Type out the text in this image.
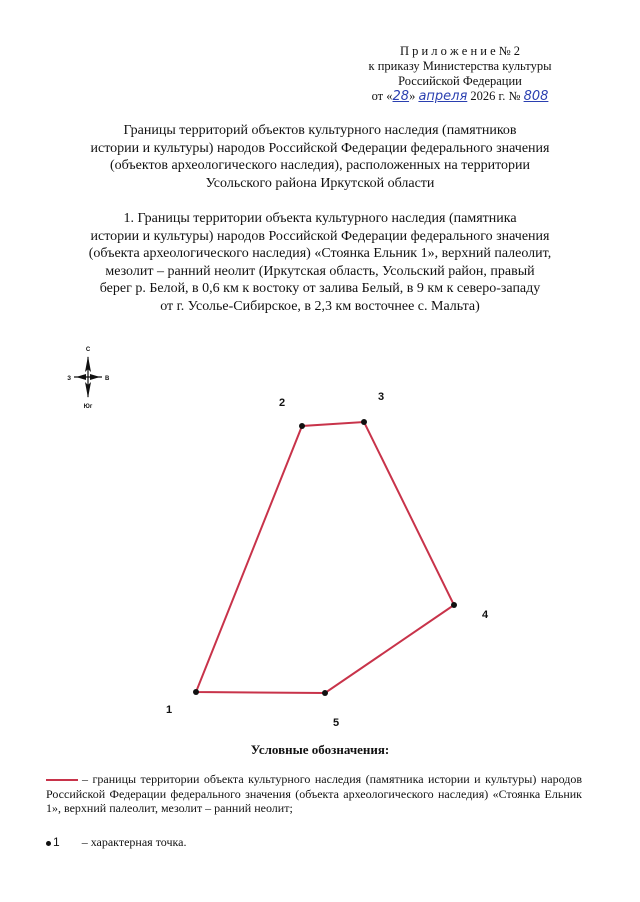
П р и л о ж е н и е № 2
к приказу Министерства культуры
Российской Федерации
от «28» апреля 2026 г. № 808
Границы территорий объектов культурного наследия (памятников
истории и культуры) народов Российской Федерации федерального значения
(объектов археологического наследия), расположенных на территории
Усольского района Иркутской области
1. Границы территории объекта культурного наследия (памятника
истории и культуры) народов Российской Федерации федерального значения
(объекта археологического наследия) «Стоянка Ельник 1», верхний палеолит,
мезолит – ранний неолит (Иркутская область, Усольский район, правый
берег р. Белой, в 0,6 км к востоку от залива Белый, в 9 км к северо-западу
от г. Усолье-Сибирское, в 2,3 км восточнее с. Мальта)
С
Юг
З	В
1
2	3
4
5
Условные обозначения:
– границы территории объекта культурного наследия (памятника истории и культуры) народов Российской Федерации федерального значения (объекта археологического наследия) «Стоянка Ельник 1», верхний палеолит, мезолит – ранний неолит;
1 – характерная точка.
